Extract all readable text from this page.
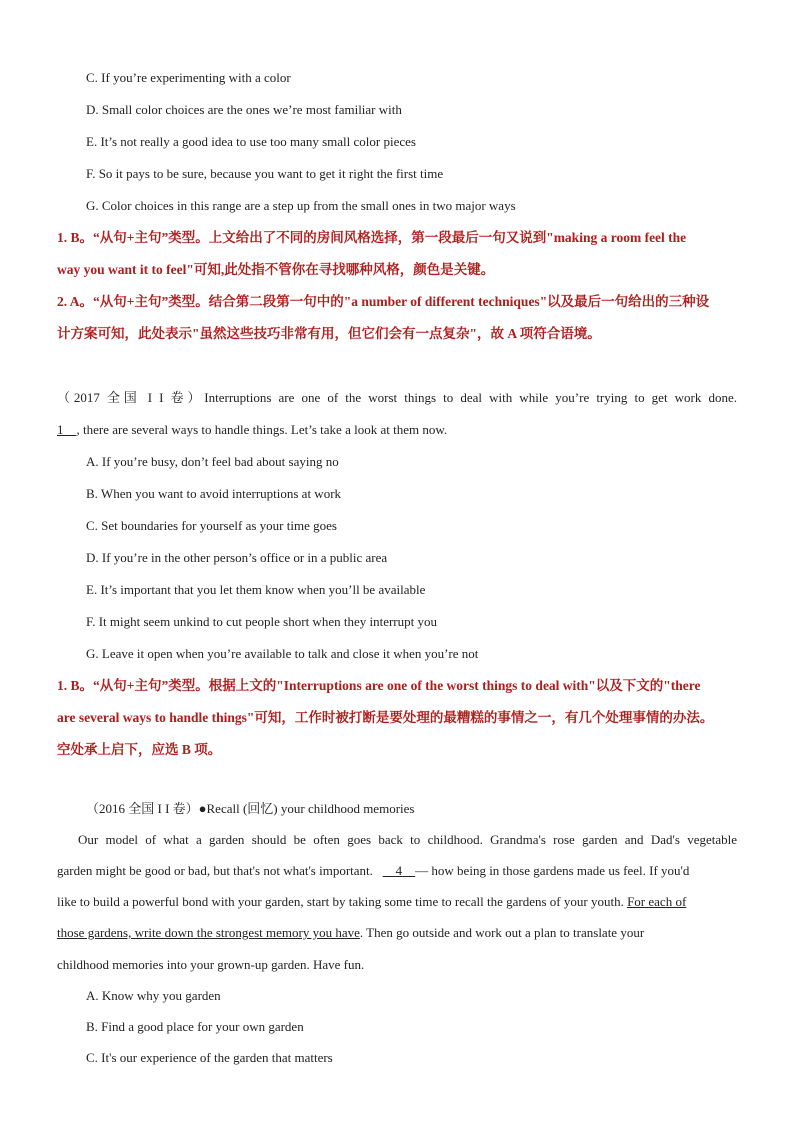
C. If you’re experimenting with a color
D. Small color choices are the ones we’re most familiar with
E. It’s not really a good idea to use too many small color pieces
F. So it pays to be sure, because you want to get it right the first time
G. Color choices in this range are a step up from the small ones in two major ways
1. B。“从句+主句”类型。上文给出了不同的房间风格选择，第一段最后一句又说到"making a room feel the
way you want it to feel"可知,此处指不管你在寻找哪种风格，颜色是关键。
2. A。“从句+主句”类型。结合第二段第一句中的"a number of different techniques"以及最后一句给出的三种设
计方案可知，此处表示"虽然这些技巧非常有用，但它们会有一点复杂"，故 A 项符合语境。
（2017 全国 I I 卷）Interruptions are one of the worst things to deal with while you’re trying to get work done.
1 , there are several ways to handle things. Let’s take a look at them now.
A. If you’re busy, don’t feel bad about saying no
B. When you want to avoid interruptions at work
C. Set boundaries for yourself as your time goes
D. If you’re in the other person’s office or in a public area
E. It’s important that you let them know when you’ll be available
F. It might seem unkind to cut people short when they interrupt you
G. Leave it open when you’re available to talk and close it when you’re not
1. B。“从句+主句”类型。根据上文的"Interruptions are one of the worst things to deal with"以及下文的"there
are several ways to handle things"可知，工作时被打断是要处理的最糟糕的事情之一，有几个处理事情的办法。
空处承上启下，应选 B 项。
（2016 全国 I I 卷）●Recall (回忆) your childhood memories
Our model of what a garden should be often goes back to childhood. Grandma's rose garden and Dad's vegetable
garden might be good or bad, but that's not what's important. 4 — how being in those gardens made us feel. If you'd
like to build a powerful bond with your garden, start by taking some time to recall the gardens of your youth. For each of
those gardens, write down the strongest memory you have. Then go outside and work out a plan to translate your
childhood memories into your grown-up garden. Have fun.
A. Know why you garden
B. Find a good place for your own garden
C. It's our experience of the garden that matters
